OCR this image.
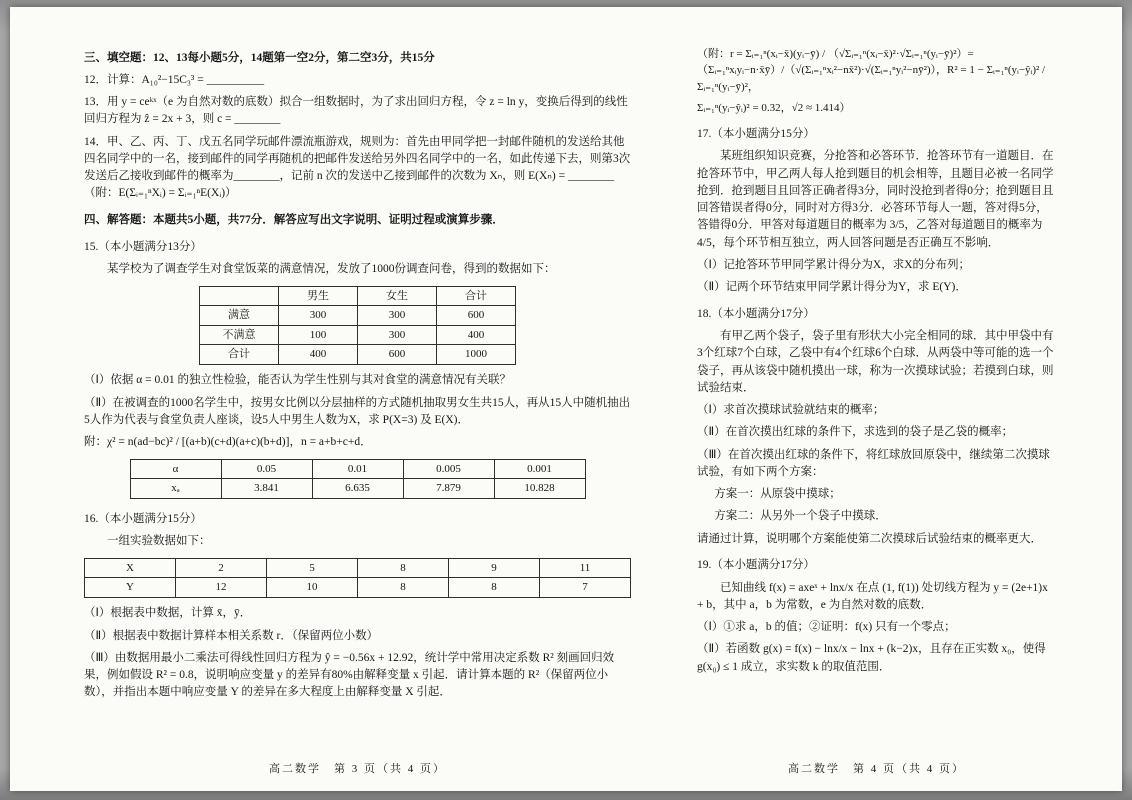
三、填空题：12、13每小题5分，14题第一空2分，第二空3分，共15分

12．计算：A₁₀²−15C₃³ = __________

13．用 y = ceᵏˣ（e 为自然对数的底数）拟合一组数据时，为了求出回归方程，令 z = ln y，变换后得到的线性回归方程为 ẑ = 2x + 3，则 c = ________

14．甲、乙、丙、丁、戊五名同学玩邮件漂流瓶游戏，规则为：首先由甲同学把一封邮件随机的发送给其他四名同学中的一名，接到邮件的同学再随机的把邮件发送给另外四名同学中的一名，如此传递下去，则第3次发送后乙接收到邮件的概率为________，记前 n 次的发送中乙接到邮件的次数为 Xₙ，则 E(Xₙ) = ________（附：E(Σᵢ₌₁ⁿXᵢ) = Σᵢ₌₁ⁿE(Xᵢ)）

四、解答题：本题共5小题，共77分．解答应写出文字说明、证明过程或演算步骤．

15.（本小题满分13分）

某学校为了调查学生对食堂饭菜的满意情况，发放了1000份调查问卷，得到的数据如下：

	男生	女生	合计
满意	300	300	600
不满意	100	300	400
合计	400	600	1000

（Ⅰ）依据 α = 0.01 的独立性检验，能否认为学生性别与其对食堂的满意情况有关联？

（Ⅱ）在被调查的1000名学生中，按男女比例以分层抽样的方式随机抽取男女生共15人，再从15人中随机抽出5人作为代表与食堂负责人座谈，设5人中男生人数为X，求 P(X=3) 及 E(X)．

附：χ² = n(ad−bc)² / [(a+b)(c+d)(a+c)(b+d)]，n = a+b+c+d．

α	0.05	0.01	0.005	0.001
xₐ	3.841	6.635	7.879	10.828

16.（本小题满分15分）

一组实验数据如下：

X	2	5	8	9	11
Y	12	10	8	8	7

（Ⅰ）根据表中数据，计算 x̄，ȳ．

（Ⅱ）根据表中数据计算样本相关系数 r．（保留两位小数）

（Ⅲ）由数据用最小二乘法可得线性回归方程为 ŷ = −0.56x + 12.92，统计学中常用决定系数 R² 刻画回归效果，例如假设 R² = 0.8，说明响应变量 y 的差异有80%由解释变量 x 引起．请计算本题的 R²（保留两位小数），并指出本题中响应变量 Y 的差异在多大程度上由解释变量 X 引起．

高二数学　第 3 页（共 4 页）

（附：r = Σᵢ₌₁ⁿ(xᵢ−x̄)(yᵢ−ȳ) / （√Σᵢ₌₁ⁿ(xᵢ−x̄)²·√Σᵢ₌₁ⁿ(yᵢ−ȳ)²）= （Σᵢ₌₁ⁿxᵢyᵢ−n·x̄ȳ）/（√(Σᵢ₌₁ⁿxᵢ²−nx̄²)·√(Σᵢ₌₁ⁿyᵢ²−nȳ²)），R² = 1 − Σᵢ₌₁ⁿ(yᵢ−ŷᵢ)² / Σᵢ₌₁ⁿ(yᵢ−ȳ)²，

Σᵢ₌₁ⁿ(yᵢ−ŷᵢ)² = 0.32，√2 ≈ 1.414）

17.（本小题满分15分）

某班组织知识竞赛，分抢答和必答环节．抢答环节有一道题目．在抢答环节中，甲乙两人每人抢到题目的机会相等，且题目必被一名同学抢到．抢到题目且回答正确者得3分，同时没抢到者得0分；抢到题目且回答错误者得0分，同时对方得3分．必答环节每人一题，答对得5分，答错得0分．甲答对每道题目的概率为 3/5，乙答对每道题目的概率为 4/5，每个环节相互独立，两人回答问题是否正确互不影响．

（Ⅰ）记抢答环节甲同学累计得分为X，求X的分布列；

（Ⅱ）记两个环节结束甲同学累计得分为Y，求 E(Y)．

18.（本小题满分17分）

有甲乙两个袋子，袋子里有形状大小完全相同的球．其中甲袋中有3个红球7个白球，乙袋中有4个红球6个白球．从两袋中等可能的选一个袋子，再从该袋中随机摸出一球，称为一次摸球试验；若摸到白球，则试验结束．

（Ⅰ）求首次摸球试验就结束的概率；

（Ⅱ）在首次摸出红球的条件下，求选到的袋子是乙袋的概率；

（Ⅲ）在首次摸出红球的条件下，将红球放回原袋中，继续第二次摸球试验，有如下两个方案：

方案一：从原袋中摸球；

方案二：从另外一个袋子中摸球．

请通过计算，说明哪个方案能使第二次摸球后试验结束的概率更大．

19.（本小题满分17分）

已知曲线 f(x) = axeˣ + lnx/x 在点 (1, f(1)) 处切线方程为 y = (2e+1)x + b，其中 a，b 为常数，e 为自然对数的底数．

（Ⅰ）①求 a，b 的值；②证明：f(x) 只有一个零点；

（Ⅱ）若函数 g(x) = f(x) − lnx/x − lnx + (k−2)x，且存在正实数 x₀，使得 g(x₀) ≤ 1 成立，求实数 k 的取值范围．

高二数学　第 4 页（共 4 页）
